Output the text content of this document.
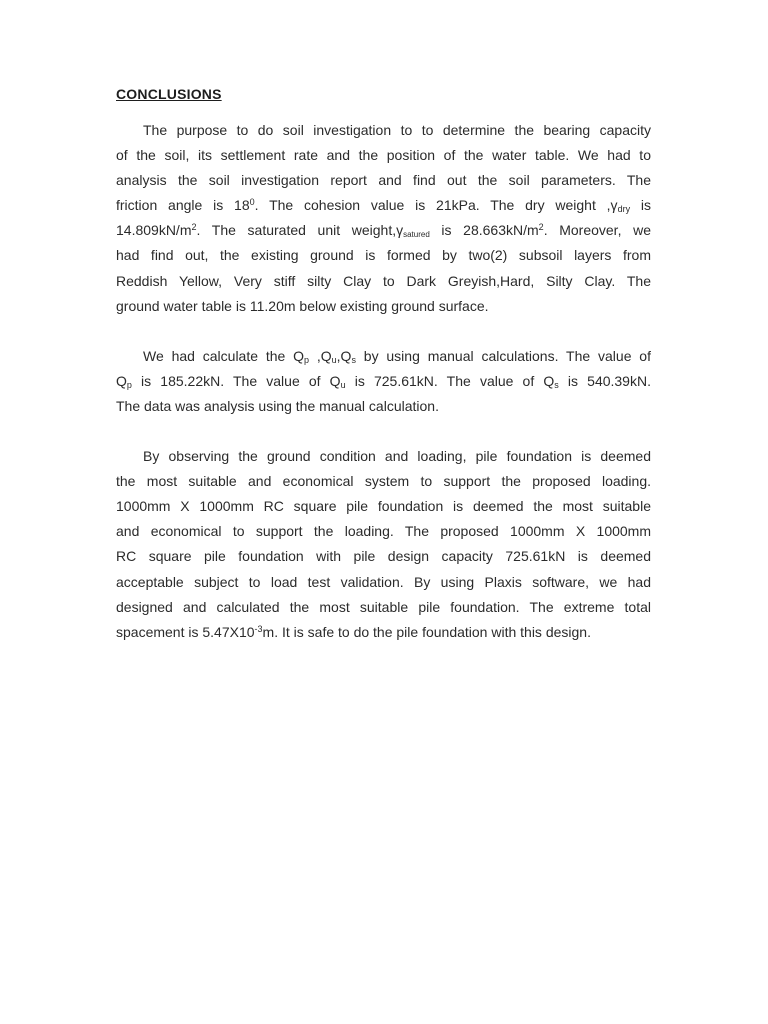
CONCLUSIONS
The purpose to do soil investigation to to determine the bearing capacity
of the soil, its settlement rate and the position of the water table. We had to
analysis the soil investigation report and find out the soil parameters. The
friction angle is $18^0$. The cohesion value is 21kPa. The dry weight $,\gamma_{dry}$ is
$14.809kN/m^2$. The saturated unit $weight,\gamma_{satured}$ is $28.663kN/m^2$. Moreover, we
had find out, the existing ground is formed by two(2) subsoil layers from
Reddish Yellow, Very stiff silty Clay to Dark Greyish,Hard, Silty Clay. The
ground water table is 11.20m below existing ground surface.
We had calculate the $Q_p$ $,Q_u,Q_s$ by using manual calculations. The value of
$Q_p$ is 185.22kN. The value of $Q_u$ is 725.61kN. The value of $Q_s$ is 540.39kN.
The data was analysis using the manual calculation.
By observing the ground condition and loading, pile foundation is deemed
the most suitable and economical system to support the proposed loading.
1000mm X 1000mm RC square pile foundation is deemed the most suitable
and economical to support the loading. The proposed 1000mm X 1000mm
RC square pile foundation with pile design capacity 725.61kN is deemed
acceptable subject to load test validation. By using Plaxis software, we had
designed and calculated the most suitable pile foundation. The extreme total
spacement is $5.47X10^{-3}m$. It is safe to do the pile foundation with this design.
